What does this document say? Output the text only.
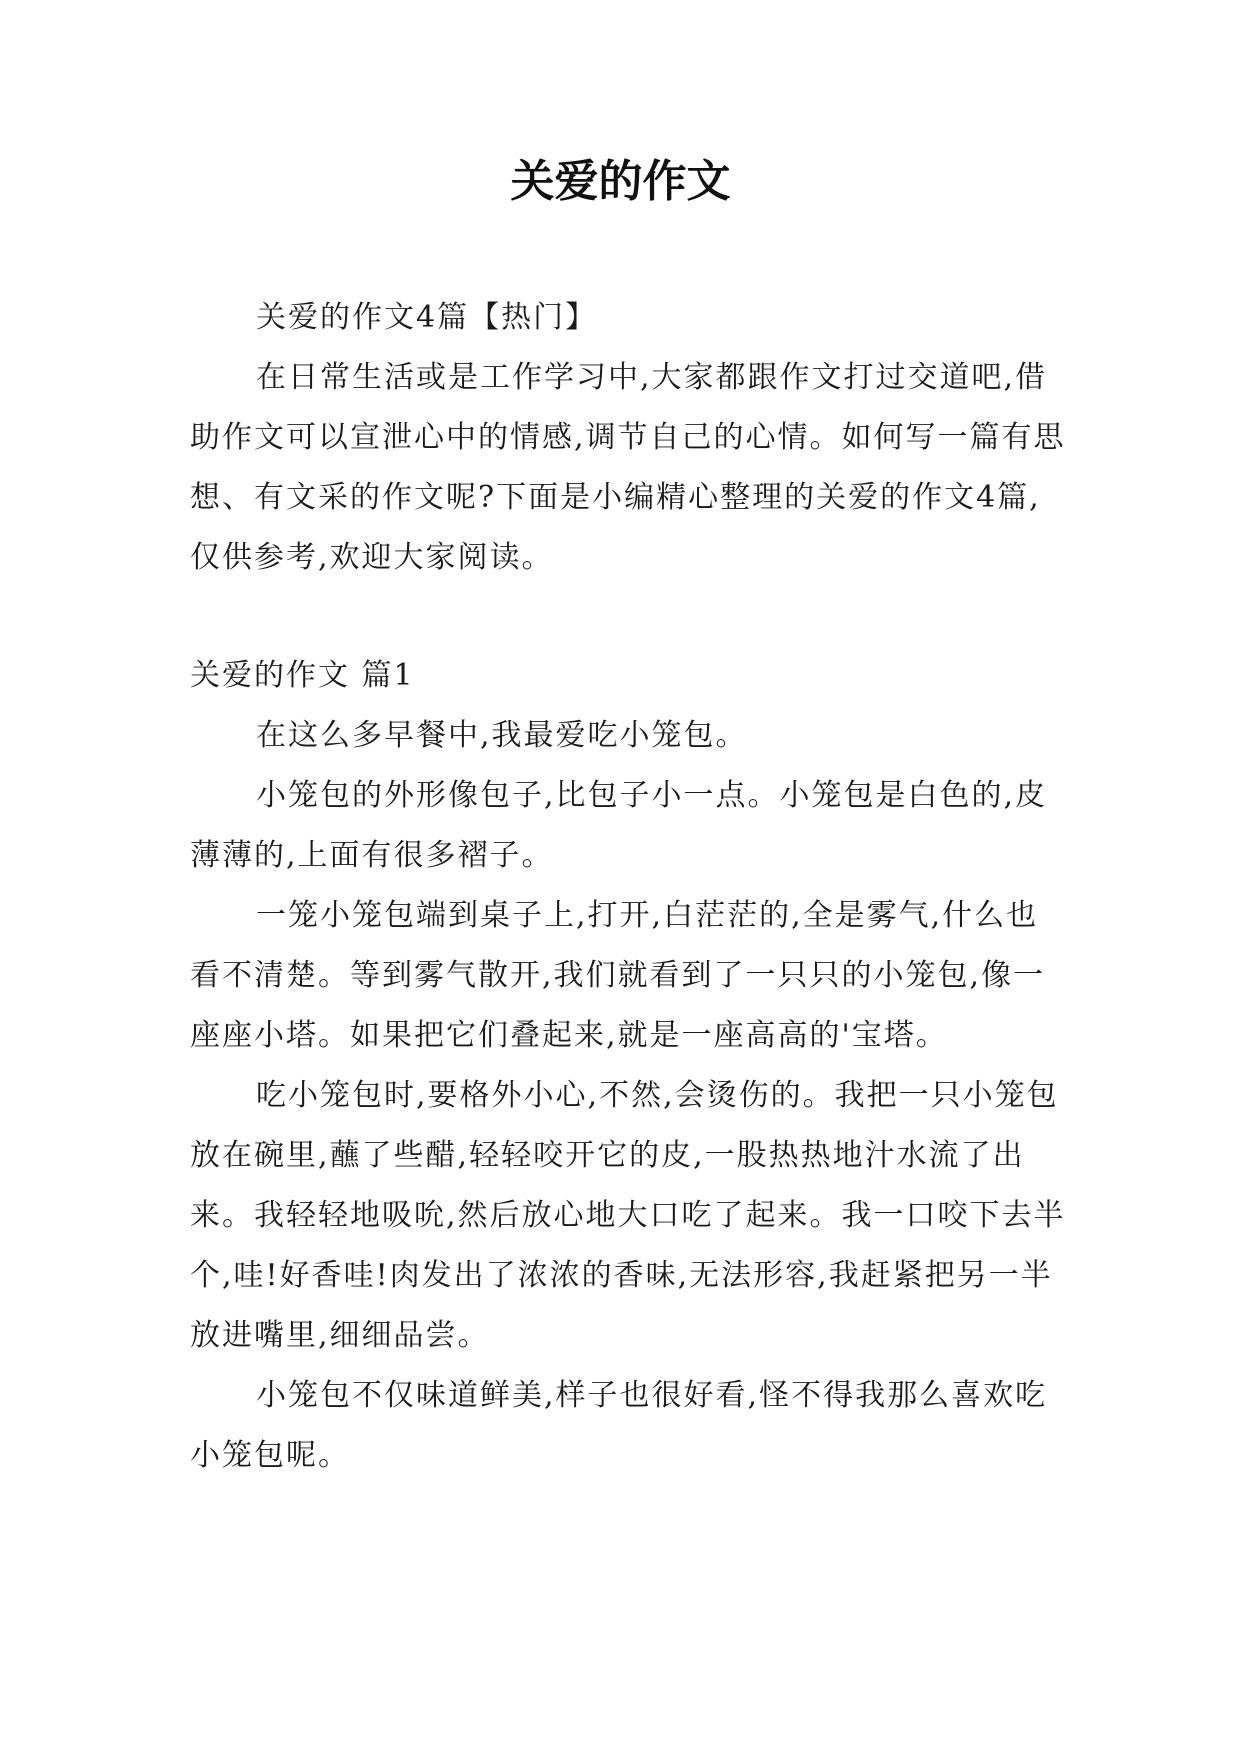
关爱的作文

关爱的作文4篇【热门】

在日常生活或是工作学习中,大家都跟作文打过交道吧,借助作文可以宣泄心中的情感,调节自己的心情。如何写一篇有思想、有文采的作文呢?下面是小编精心整理的关爱的作文4篇,仅供参考,欢迎大家阅读。

关爱的作文 篇1

在这么多早餐中,我最爱吃小笼包。

小笼包的外形像包子,比包子小一点。小笼包是白色的,皮薄薄的,上面有很多褶子。

一笼小笼包端到桌子上,打开,白茫茫的,全是雾气,什么也看不清楚。等到雾气散开,我们就看到了一只只的小笼包,像一座座小塔。如果把它们叠起来,就是一座高高的'宝塔。

吃小笼包时,要格外小心,不然,会烫伤的。我把一只小笼包放在碗里,蘸了些醋,轻轻咬开它的皮,一股热热地汁水流了出来。我轻轻地吸吮,然后放心地大口吃了起来。我一口咬下去半个,哇!好香哇!肉发出了浓浓的香味,无法形容,我赶紧把另一半放进嘴里,细细品尝。

小笼包不仅味道鲜美,样子也很好看,怪不得我那么喜欢吃小笼包呢。
